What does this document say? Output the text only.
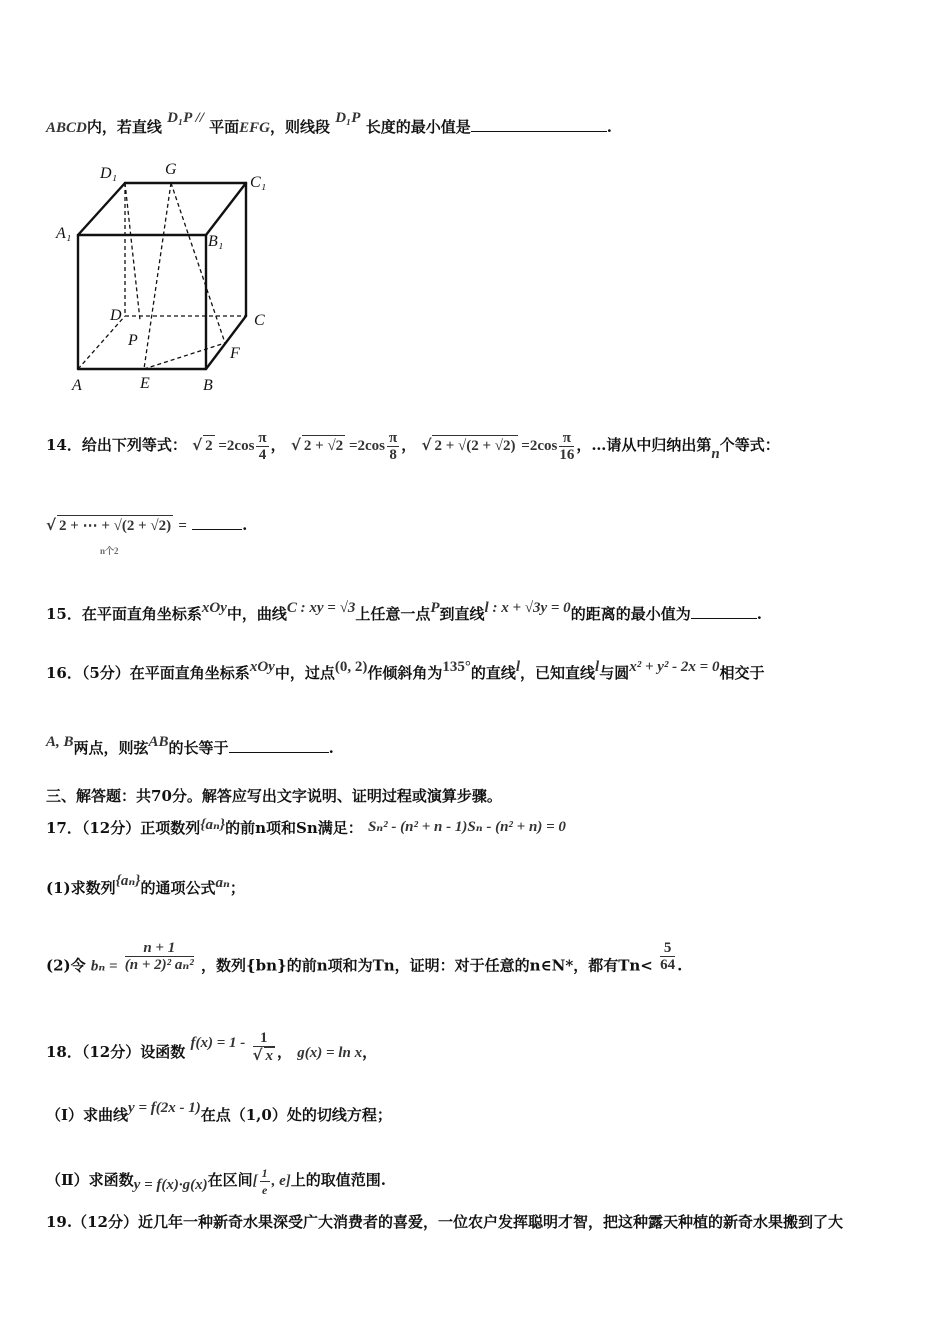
ABCD内，若直线 D₁P // 平面EFG，则线段 D₁P 长度的最小值是	.
D₁	G
C₁
A₁	B₁
D	C
P
F
A	E	B
14．给出下列等式： √ $2 =2\cos \frac{\pi}{4}$ ， √ $2 + √2 =2\cos \frac{\pi}{8}$ ， √ $2 + √(2 + √2) =2\cos \frac{\pi}{16}$ ，…请从中归纳出第n个等式：
√ 2 + ⋯ + √(2 + √2)
n个2
=	.
15．在平面直角坐标系xOy中，曲线C : xy = √3上任意一点P到直线l : x + √3y = 0的距离的最小值为	.
16．（5分）在平面直角坐标系xOy中，过点(0, 2)作倾斜角为135°的直线l，已知直线l与圆x² + y² - 2x = 0相交于
A, B两点，则弦AB的长等于	.
三、解答题：共70分。解答应写出文字说明、证明过程或演算步骤。
17．（12分）正项数列{aₙ}的前n项和Sn满足： Sₙ² - (n² + n - 1)Sₙ - (n² + n) = 0
(1)求数列{aₙ}的通项公式aₙ；
(2)令 $b_n = \frac{n + 1}{\text{(n + 2)² aₙ²}}$ ，数列{bn}的前n项和为Tn，证明：对于任意的n∈N*，都有$Tn< \frac{5}{64}$ .
18．（12分）设函数 $f(x) = 1 - \frac{1}{√ x}$ ， g(x) = ln x，
（Ⅰ）求曲线y = f(2x - 1)在点（1,0）处的切线方程；
（Ⅱ）求函数y = f(x)·g(x)在区间[ $\frac{1}{e}$ , e]上的取值范围.
19.（12分）近几年一种新奇水果深受广大消费者的喜爱，一位农户发挥聪明才智，把这种露天种植的新奇水果搬到了大
